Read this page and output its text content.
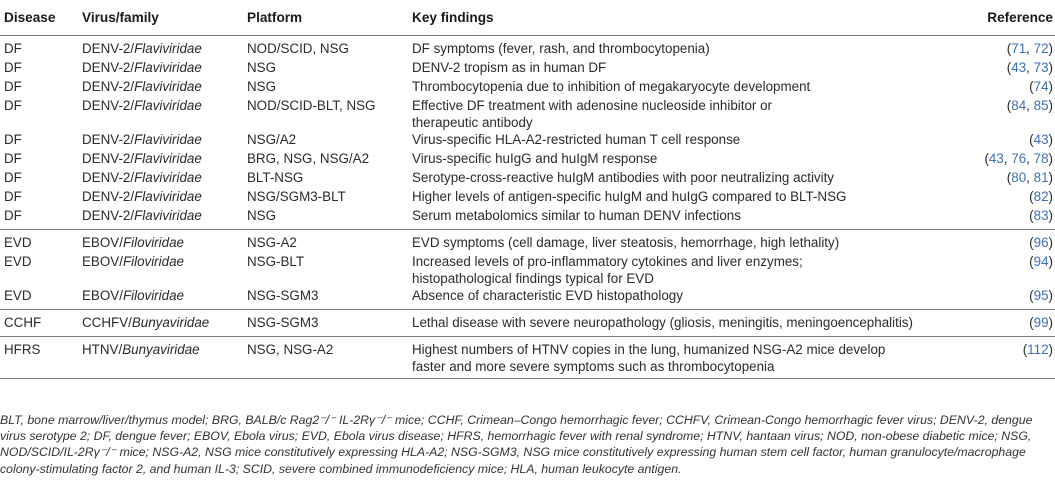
Disease	Virus/family	Platform	Key findings	Reference
DF	DENV-2/Flaviviridae	NOD/SCID, NSG	DF symptoms (fever, rash, and thrombocytopenia)	(71, 72)
DF	DENV-2/Flaviviridae	NSG	DENV-2 tropism as in human DF	(43, 73)
DF	DENV-2/Flaviviridae	NSG	Thrombocytopenia due to inhibition of megakaryocyte development	(74)
DF	DENV-2/Flaviviridae	NOD/SCID-BLT, NSG	Effective DF treatment with adenosine nucleoside inhibitor or
therapeutic antibody	(84, 85)
DF	DENV-2/Flaviviridae	NSG/A2	Virus-specific HLA-A2-restricted human T cell response	(43)
DF	DENV-2/Flaviviridae	BRG, NSG, NSG/A2	Virus-specific huIgG and huIgM response	(43, 76, 78)
DF	DENV-2/Flaviviridae	BLT-NSG	Serotype-cross-reactive huIgM antibodies with poor neutralizing activity	(80, 81)
DF	DENV-2/Flaviviridae	NSG/SGM3-BLT	Higher levels of antigen-specific huIgM and huIgG compared to BLT-NSG	(82)
DF	DENV-2/Flaviviridae	NSG	Serum metabolomics similar to human DENV infections	(83)
EVD	EBOV/Filoviridae	NSG-A2	EVD symptoms (cell damage, liver steatosis, hemorrhage, high lethality)	(96)
EVD	EBOV/Filoviridae	NSG-BLT	Increased levels of pro-inflammatory cytokines and liver enzymes;
histopathological findings typical for EVD	(94)
EVD	EBOV/Filoviridae	NSG-SGM3	Absence of characteristic EVD histopathology	(95)
CCHF	CCHFV/Bunyaviridae	NSG-SGM3	Lethal disease with severe neuropathology (gliosis, meningitis, meningoencephalitis)	(99)
HFRS	HTNV/Bunyaviridae	NSG, NSG-A2	Highest numbers of HTNV copies in the lung, humanized NSG-A2 mice develop
faster and more severe symptoms such as thrombocytopenia	(112)
BLT, bone marrow/liver/thymus model; BRG, BALB/c Rag2⁻/⁻ IL-2Rγ⁻/⁻ mice; CCHF, Crimean–Congo hemorrhagic fever; CCHFV, Crimean-Congo hemorrhagic fever virus; DENV-2, dengue virus serotype 2; DF, dengue fever; EBOV, Ebola virus; EVD, Ebola virus disease; HFRS, hemorrhagic fever with renal syndrome; HTNV, hantaan virus; NOD, non-obese diabetic mice; NSG, NOD/SCID/IL-2Rγ⁻/⁻ mice; NSG-A2, NSG mice constitutively expressing HLA-A2; NSG-SGM3, NSG mice constitutively expressing human stem cell factor, human granulocyte/macrophage colony-stimulating factor 2, and human IL-3; SCID, severe combined immunodeficiency mice; HLA, human leukocyte antigen.
